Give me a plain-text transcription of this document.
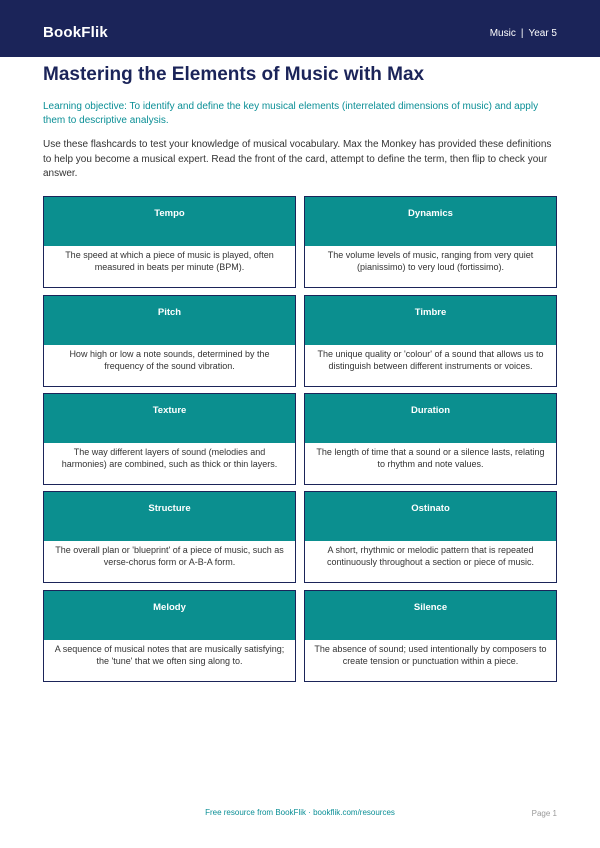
BookFlik	Music | Year 5
Mastering the Elements of Music with Max

Learning objective: To identify and define the key musical elements (interrelated dimensions of music) and apply them to descriptive analysis.

Use these flashcards to test your knowledge of musical vocabulary. Max the Monkey has provided these definitions to help you become a musical expert. Read the front of the card, attempt to define the term, then flip to check your answer.

Tempo
The speed at which a piece of music is played, often measured in beats per minute (BPM).
Dynamics
The volume levels of music, ranging from very quiet (pianissimo) to very loud (fortissimo).
Pitch
How high or low a note sounds, determined by the frequency of the sound vibration.
Timbre
The unique quality or 'colour' of a sound that allows us to distinguish between different instruments or voices.
Texture
The way different layers of sound (melodies and harmonies) are combined, such as thick or thin layers.
Duration
The length of time that a sound or a silence lasts, relating to rhythm and note values.
Structure
The overall plan or 'blueprint' of a piece of music, such as verse-chorus form or A-B-A form.
Ostinato
A short, rhythmic or melodic pattern that is repeated continuously throughout a section or piece of music.
Melody
A sequence of musical notes that are musically satisfying; the 'tune' that we often sing along to.
Silence
The absence of sound; used intentionally by composers to create tension or punctuation within a piece.
Free resource from BookFlik · bookflik.com/resources	Page 1
